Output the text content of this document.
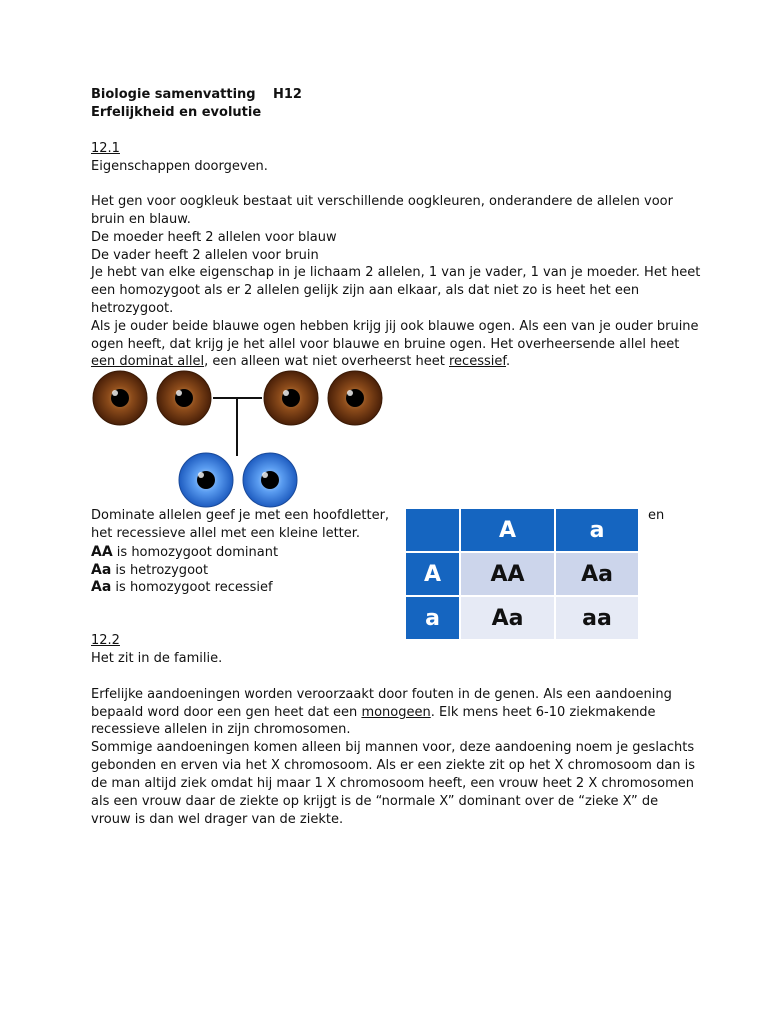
Biologie samenvatting H12
Erfelijkheid en evolutie
12.1
Eigenschappen doorgeven.
Het gen voor oogkleuk bestaat uit verschillende oogkleuren, onderandere de allelen voor
bruin en blauw.
De moeder heeft 2 allelen voor blauw
De vader heeft 2 allelen voor bruin
Je hebt van elke eigenschap in je lichaam 2 allelen, 1 van je vader, 1 van je moeder. Het heet
een homozygoot als er 2 allelen gelijk zijn aan elkaar, als dat niet zo is heet het een
hetrozygoot.
Als je ouder beide blauwe ogen hebben krijg jij ook blauwe ogen. Als een van je ouder bruine
ogen heeft, dat krijg je het allel voor blauwe en bruine ogen. Het overheersende allel heet
een dominat allel, een alleen wat niet overheerst heet recessief.
Dominate allelen geef je met een hoofdletter,	en
het recessieve allel met een kleine letter.
AA is homozygoot dominant
Aa is hetrozygoot
Aa is homozygoot recessief
	A	a
A	AA	Aa
a	Aa	aa
12.2
Het zit in de familie.
Erfelijke aandoeningen worden veroorzaakt door fouten in de genen. Als een aandoening
bepaald word door een gen heet dat een monogeen. Elk mens heet 6-10 ziekmakende
recessieve allelen in zijn chromosomen.
Sommige aandoeningen komen alleen bij mannen voor, deze aandoening noem je geslachts
gebonden en erven via het X chromosoom. Als er een ziekte zit op het X chromosoom dan is
de man altijd ziek omdat hij maar 1 X chromosoom heeft, een vrouw heet 2 X chromosomen
als een vrouw daar de ziekte op krijgt is de “normale X” dominant over de “zieke X” de
vrouw is dan wel drager van de ziekte.
